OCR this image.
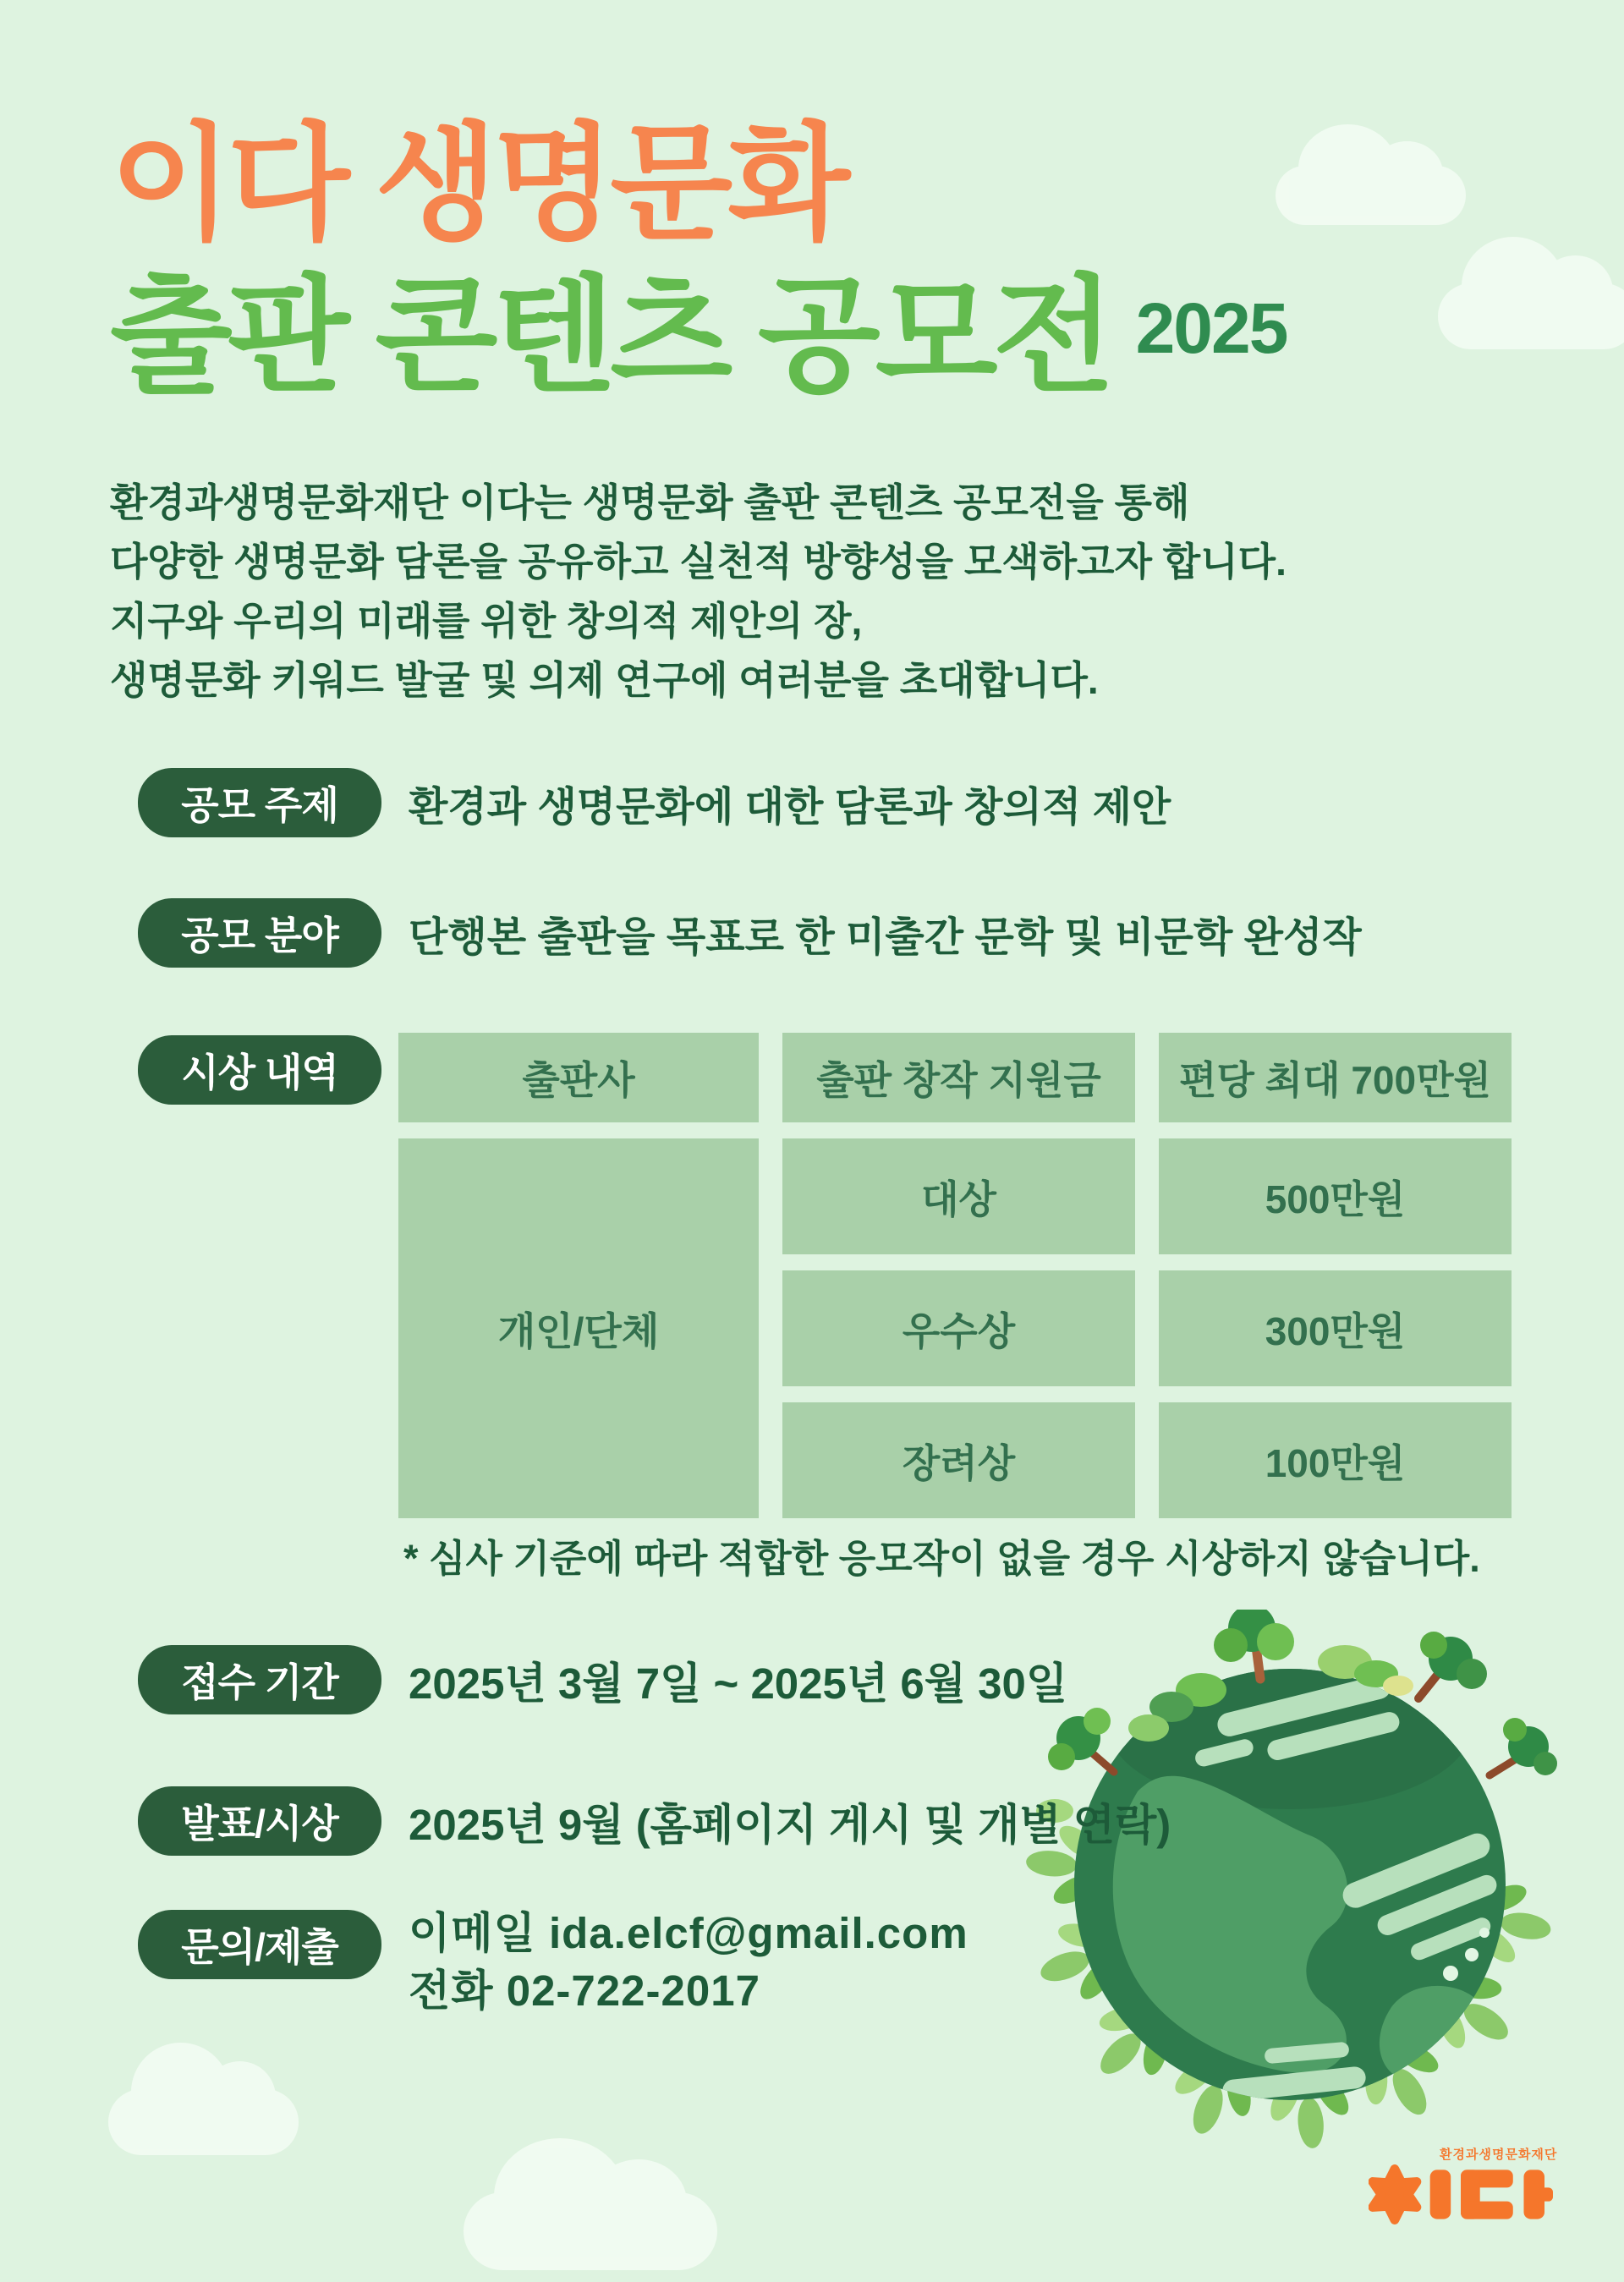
이다 생명문화
출판 콘텐츠 공모전 2025
환경과생명문화재단 이다는 생명문화 출판 콘텐츠 공모전을 통해
다양한 생명문화 담론을 공유하고 실천적 방향성을 모색하고자 합니다.
지구와 우리의 미래를 위한 창의적 제안의 장,
생명문화 키워드 발굴 및 의제 연구에 여러분을 초대합니다.
공모 주제	환경과 생명문화에 대한 담론과 창의적 제안
공모 분야	단행본 출판을 목표로 한 미출간 문학 및 비문학 완성작
시상 내역	출판사	출판 창작 지원금	편당 최대 700만원
개인/단체
대상	500만원
우수상	300만원
장려상	100만원
* 심사 기준에 따라 적합한 응모작이 없을 경우 시상하지 않습니다.
접수 기간	2025년 3월 7일 ~ 2025년 6월 30일
발표/시상	2025년 9월 (홈페이지 게시 및 개별 연락)
문의/제출	이메일 ida.elcf@gmail.com
전화 02-722-2017
환경과생명문화재단
